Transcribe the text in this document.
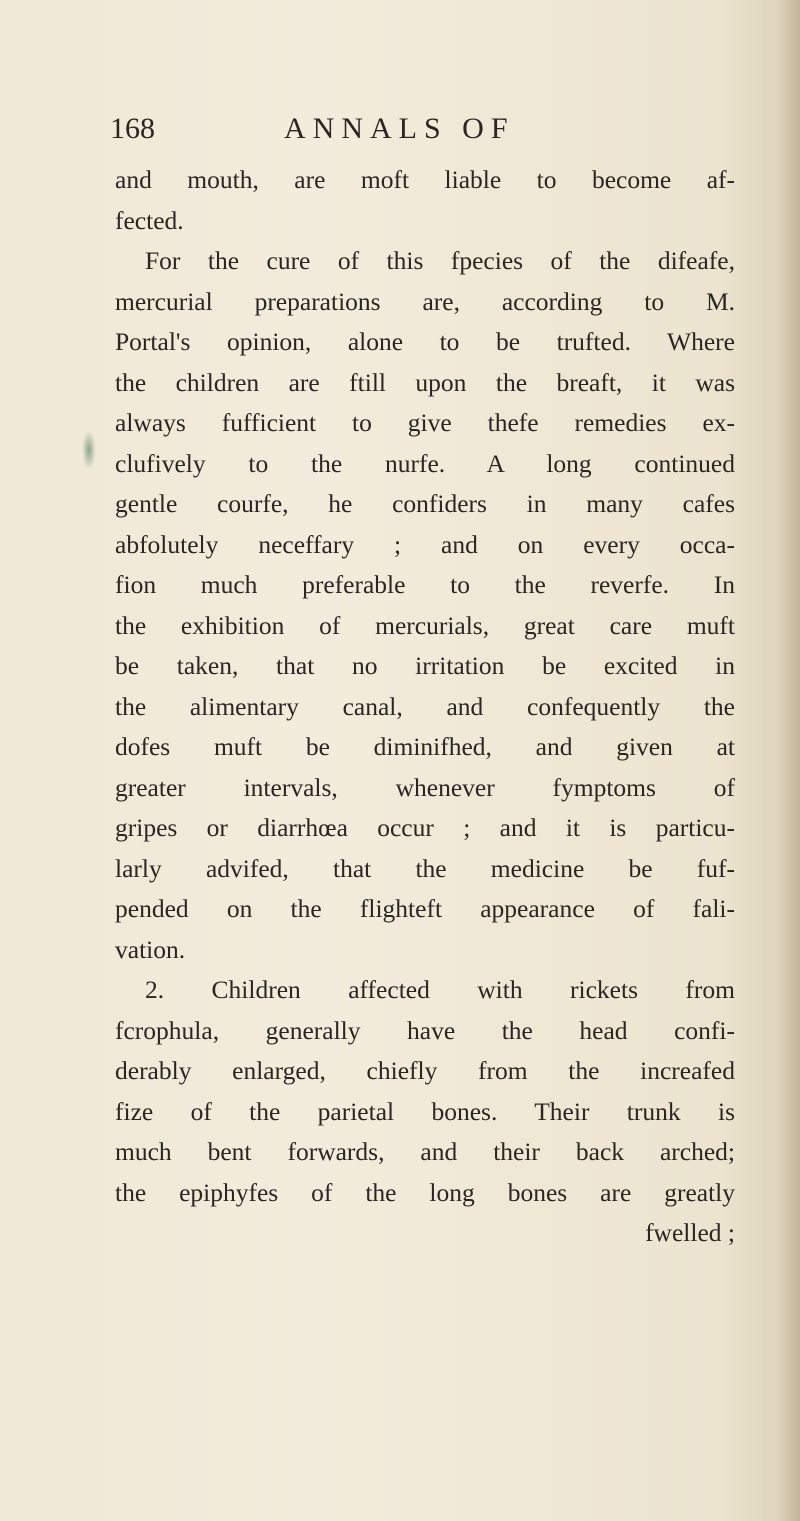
168	ANNALS OF
and mouth, are moft liable to become af-
fected.
For the cure of this fpecies of the difeafe,
mercurial preparations are, according to M.
Portal's opinion, alone to be trufted. Where
the children are ftill upon the breaft, it was
always fufficient to give thefe remedies ex-
clufively to the nurfe. A long continued
gentle courfe, he confiders in many cafes
abfolutely neceffary ; and on every occa-
fion much preferable to the reverfe. In
the exhibition of mercurials, great care muft
be taken, that no irritation be excited in
the alimentary canal, and confequently the
dofes muft be diminifhed, and given at
greater intervals, whenever fymptoms of
gripes or diarrhœa occur ; and it is particu-
larly advifed, that the medicine be fuf-
pended on the flighteft appearance of fali-
vation.
2. Children affected with rickets from
fcrophula, generally have the head confi-
derably enlarged, chiefly from the increafed
fize of the parietal bones. Their trunk is
much bent forwards, and their back arched;
the epiphyfes of the long bones are greatly
fwelled ;
